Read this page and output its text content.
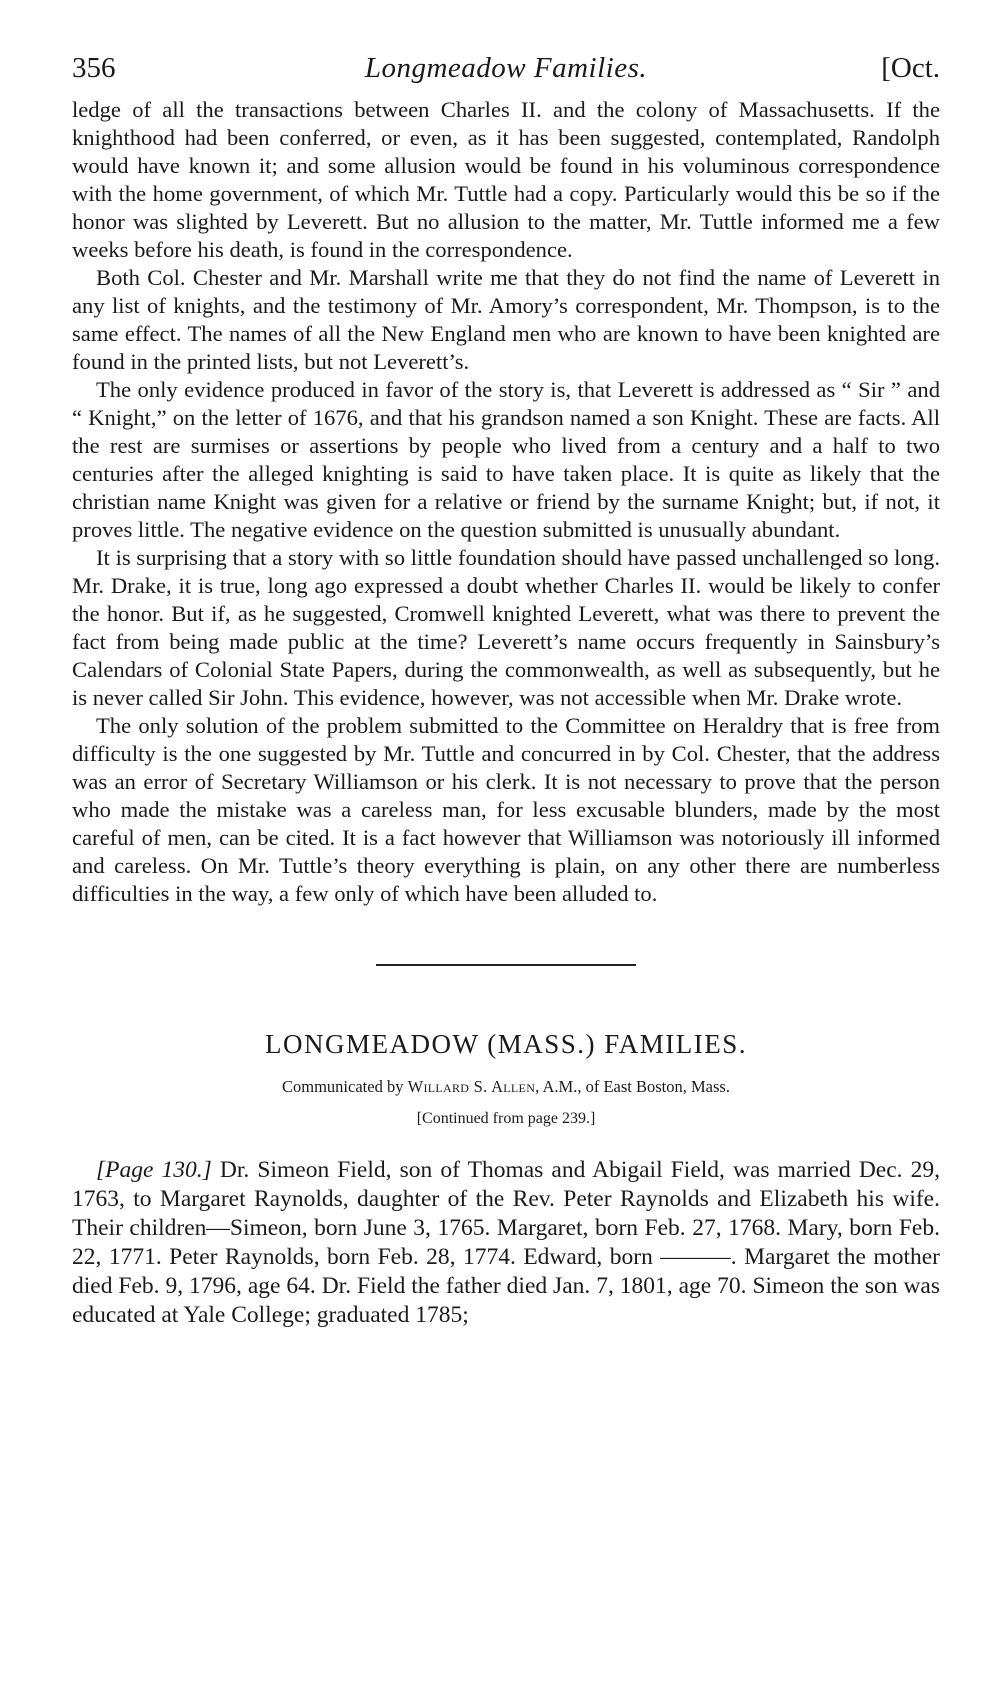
356	Longmeadow Families.	[Oct.

ledge of all the transactions between Charles II. and the colony of Massachusetts. If the knighthood had been conferred, or even, as it has been suggested, contemplated, Randolph would have known it; and some allusion would be found in his voluminous correspondence with the home government, of which Mr. Tuttle had a copy. Particularly would this be so if the honor was slighted by Leverett. But no allusion to the matter, Mr. Tuttle informed me a few weeks before his death, is found in the correspondence.

Both Col. Chester and Mr. Marshall write me that they do not find the name of Leverett in any list of knights, and the testimony of Mr. Amory’s correspondent, Mr. Thompson, is to the same effect. The names of all the New England men who are known to have been knighted are found in the printed lists, but not Leverett’s.

The only evidence produced in favor of the story is, that Leverett is addressed as “ Sir ” and “ Knight,” on the letter of 1676, and that his grandson named a son Knight. These are facts. All the rest are surmises or assertions by people who lived from a century and a half to two centuries after the alleged knighting is said to have taken place. It is quite as likely that the christian name Knight was given for a relative or friend by the surname Knight; but, if not, it proves little. The negative evidence on the question submitted is unusually abundant.

It is surprising that a story with so little foundation should have passed unchallenged so long. Mr. Drake, it is true, long ago expressed a doubt whether Charles II. would be likely to confer the honor. But if, as he suggested, Cromwell knighted Leverett, what was there to prevent the fact from being made public at the time? Leverett’s name occurs frequently in Sainsbury’s Calendars of Colonial State Papers, during the commonwealth, as well as subsequently, but he is never called Sir John. This evidence, however, was not accessible when Mr. Drake wrote.

The only solution of the problem submitted to the Committee on Heraldry that is free from difficulty is the one suggested by Mr. Tuttle and concurred in by Col. Chester, that the address was an error of Secretary Williamson or his clerk. It is not necessary to prove that the person who made the mistake was a careless man, for less excusable blunders, made by the most careful of men, can be cited. It is a fact however that Williamson was notoriously ill informed and careless. On Mr. Tuttle’s theory everything is plain, on any other there are numberless difficulties in the way, a few only of which have been alluded to.

LONGMEADOW (MASS.) FAMILIES.
Communicated by Willard S. Allen, A.M., of East Boston, Mass.
[Continued from page 239.]

[Page 130.] Dr. Simeon Field, son of Thomas and Abigail Field, was married Dec. 29, 1763, to Margaret Raynolds, daughter of the Rev. Peter Raynolds and Elizabeth his wife. Their children—Simeon, born June 3, 1765. Margaret, born Feb. 27, 1768. Mary, born Feb. 22, 1771. Peter Raynolds, born Feb. 28, 1774. Edward, born ———. Margaret the mother died Feb. 9, 1796, age 64. Dr. Field the father died Jan. 7, 1801, age 70. Simeon the son was educated at Yale College; graduated 1785;
